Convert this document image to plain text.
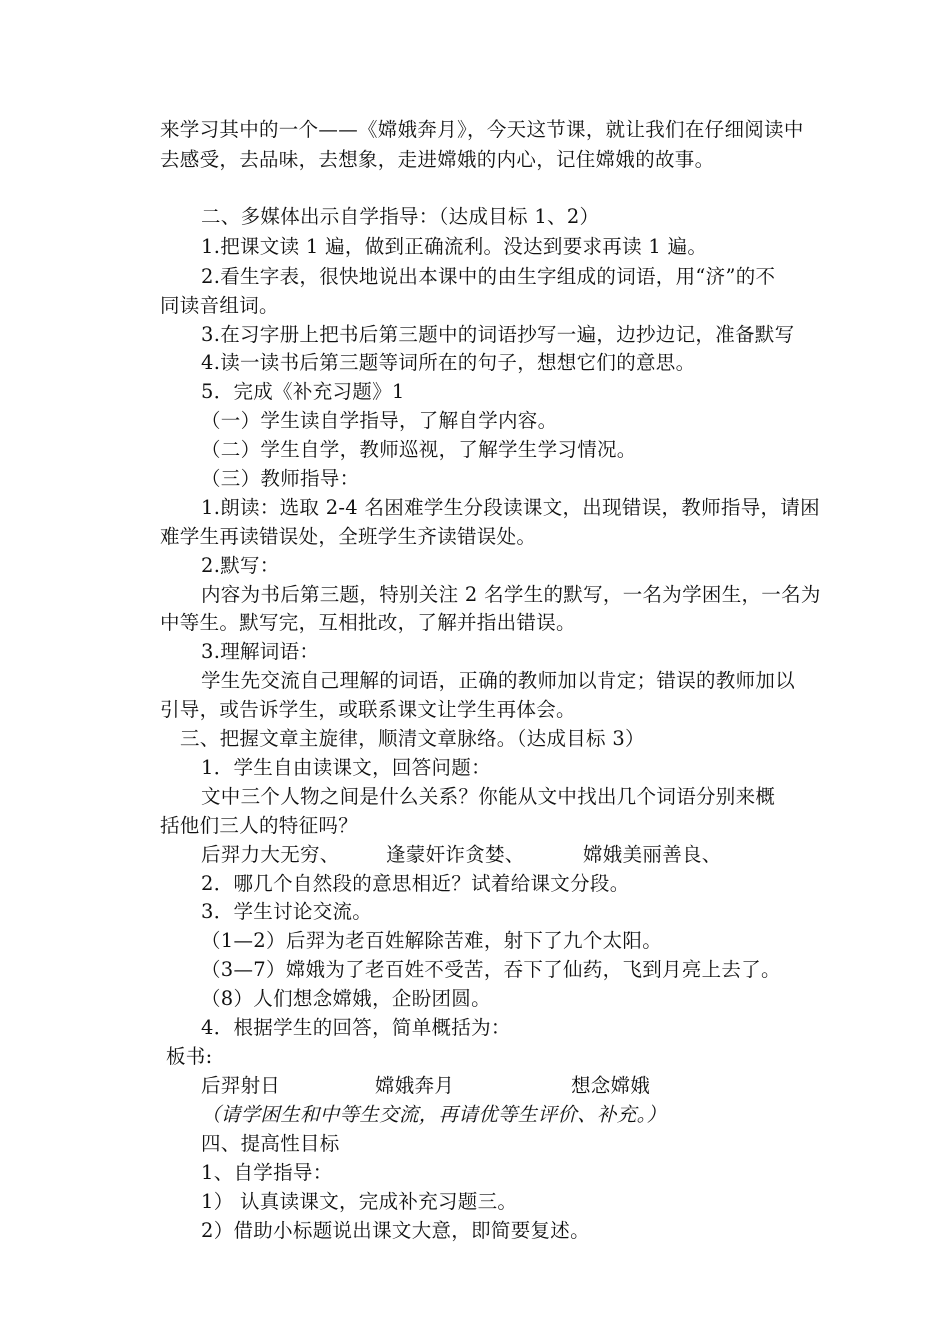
来学习其中的一个——《嫦娥奔月》，今天这节课，就让我们在仔细阅读中
去感受，去品味，去想象，走进嫦娥的内心，记住嫦娥的故事。
二、多媒体出示自学指导：（达成目标 1、2）
1.把课文读 1 遍，做到正确流利。没达到要求再读 1 遍。
2.看生字表，很快地说出本课中的由生字组成的词语，用“济”的不
同读音组词。
3.在习字册上把书后第三题中的词语抄写一遍，边抄边记，准备默写
4.读一读书后第三题等词所在的句子，想想它们的意思。
5．完成《补充习题》1
（一）学生读自学指导，了解自学内容。
（二）学生自学，教师巡视，了解学生学习情况。
（三）教师指导：
1.朗读：选取 2-4 名困难学生分段读课文，出现错误，教师指导，请困
难学生再读错误处，全班学生齐读错误处。
2.默写：
内容为书后第三题，特别关注 2 名学生的默写，一名为学困生，一名为
中等生。默写完，互相批改，了解并指出错误。
3.理解词语：
学生先交流自己理解的词语，正确的教师加以肯定；错误的教师加以
引导，或告诉学生，或联系课文让学生再体会。
三、把握文章主旋律，顺清文章脉络。（达成目标 3）
1．学生自由读课文，回答问题：
文中三个人物之间是什么关系？你能从文中找出几个词语分别来概
括他们三人的特征吗？
后羿力大无穷、 逢蒙奸诈贪婪、	嫦娥美丽善良、
2．哪几个自然段的意思相近？试着给课文分段。
3．学生讨论交流。
（1—2）后羿为老百姓解除苦难，射下了九个太阳。
（3—7）嫦娥为了老百姓不受苦，吞下了仙药，飞到月亮上去了。
（8）人们想念嫦娥，企盼团圆。
4．根据学生的回答，简单概括为：
板书:
后羿射日	嫦娥奔月	想念嫦娥
（请学困生和中等生交流，再请优等生评价、补充。）
四、提高性目标
1、自学指导：
1） 认真读课文，完成补充习题三。
2）借助小标题说出课文大意，即简要复述。
